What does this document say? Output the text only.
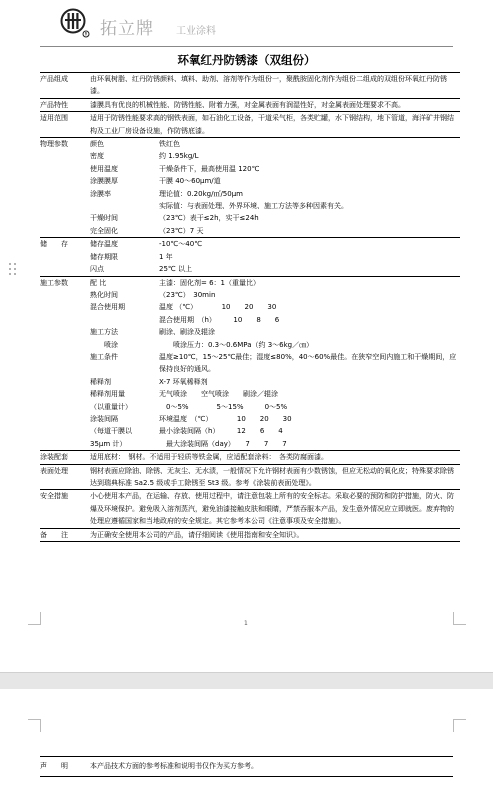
R 拓立牌 工业涂料
环氧红丹防锈漆（双组份）
产品组成	由环氧树脂、红丹防锈颜料、填料、助剂、溶剂等作为组份一，聚酰胺固化剂作为组份二组成的双组份环氧红丹防锈漆。
产品特性	漆膜具有优良的机械性能、防锈性能、附着力强，对金属表面有润湿性好，对金属表面处理要求不高。
适用范围	适用于防锈性能要求高的钢铁表面，如石油化工设备，干道采气柜，各类贮罐，水下钢结构，地下管道，海洋矿井钢结构及工业厂房设备设施，作防锈底漆。
物理参数	颜色	铁红色
密度	约 1.95kg/L
使用温度	干燥条件下，最高使用温 120℃
涂膜膜厚	干膜 40～60μm/道
涂膜率	理论值：0.20kg/㎡/50μm
实际值：与表面处理、外界环境、施工方法等多种因素有关。
干燥时间	（23℃）表干≤2h，实干≤24h
完全固化	（23℃）7 天
储　　存	储存温度	-10℃～40℃
储存期限	1 年
闪点	25℃ 以上
施工参数	配 比	主漆：固化剂= 6：1（重量比）
熟化时间	（23℃）　30min
混合使用期	温度 （℃）　　　　10　　20　　30
混合使用期　（h）　　　10　　8　　6
施工方法	刷涂、刷涂及辊涂
　　喷涂	　　喷涂压力：0.3～0.6MPa（约 3～6kg／㎝）
施工条件	温度≥10℃，15～25℃最佳；湿度≤80%，40～60%最佳。在狭窄空间内施工和干燥期间，应保持良好的通风。
稀释剂	X-7 环氧稀释剂
稀释剂用量	无气喷涂　　空气喷涂　　刷涂／辊涂
（以重量计）	　0～5%　　　　5～15%　　　0～5%
涂装间隔	环境温度　（℃）　　　　10　　20　　30
（每道干膜以	最小涂装间隔（h）　　　12　　6　　4
35μm 计）	　最大涂装间隔（day）　　7　　7　　7
涂装配套	适用底材：　钢材。不适用于轻质等铁金属，应适配套涂料：　各类防腐面漆。
表面处理	钢材表面应除油、除锈、无灰尘、无水渍，一般情况下允许钢材表面有少数锈蚀，但应无松动的氧化皮；特殊要求除锈达到瑞典标准 Sa2.5 级或手工除锈至 St3 级。参考《涂装前表面处理》。
安全措施	小心使用本产品，在运输、存放、使用过程中，请注意包装上所有的安全标志。采取必要的预防和防护措施，防火、防爆及环境保护。避免吸入溶剂蒸汽，避免油漆接触皮肤和眼睛，严禁吞服本产品，发生意外情况应立即就医。废弃物的处理应遵循国家和当地政府的安全规定。其它参考本公司《注意事项及安全措施》。
备　　注	为正确安全使用本公司的产品，请仔细阅读《使用指南和安全知识》。
1
声　　明	本产品技术方面的参考标准和说明书仅作为买方参考。
